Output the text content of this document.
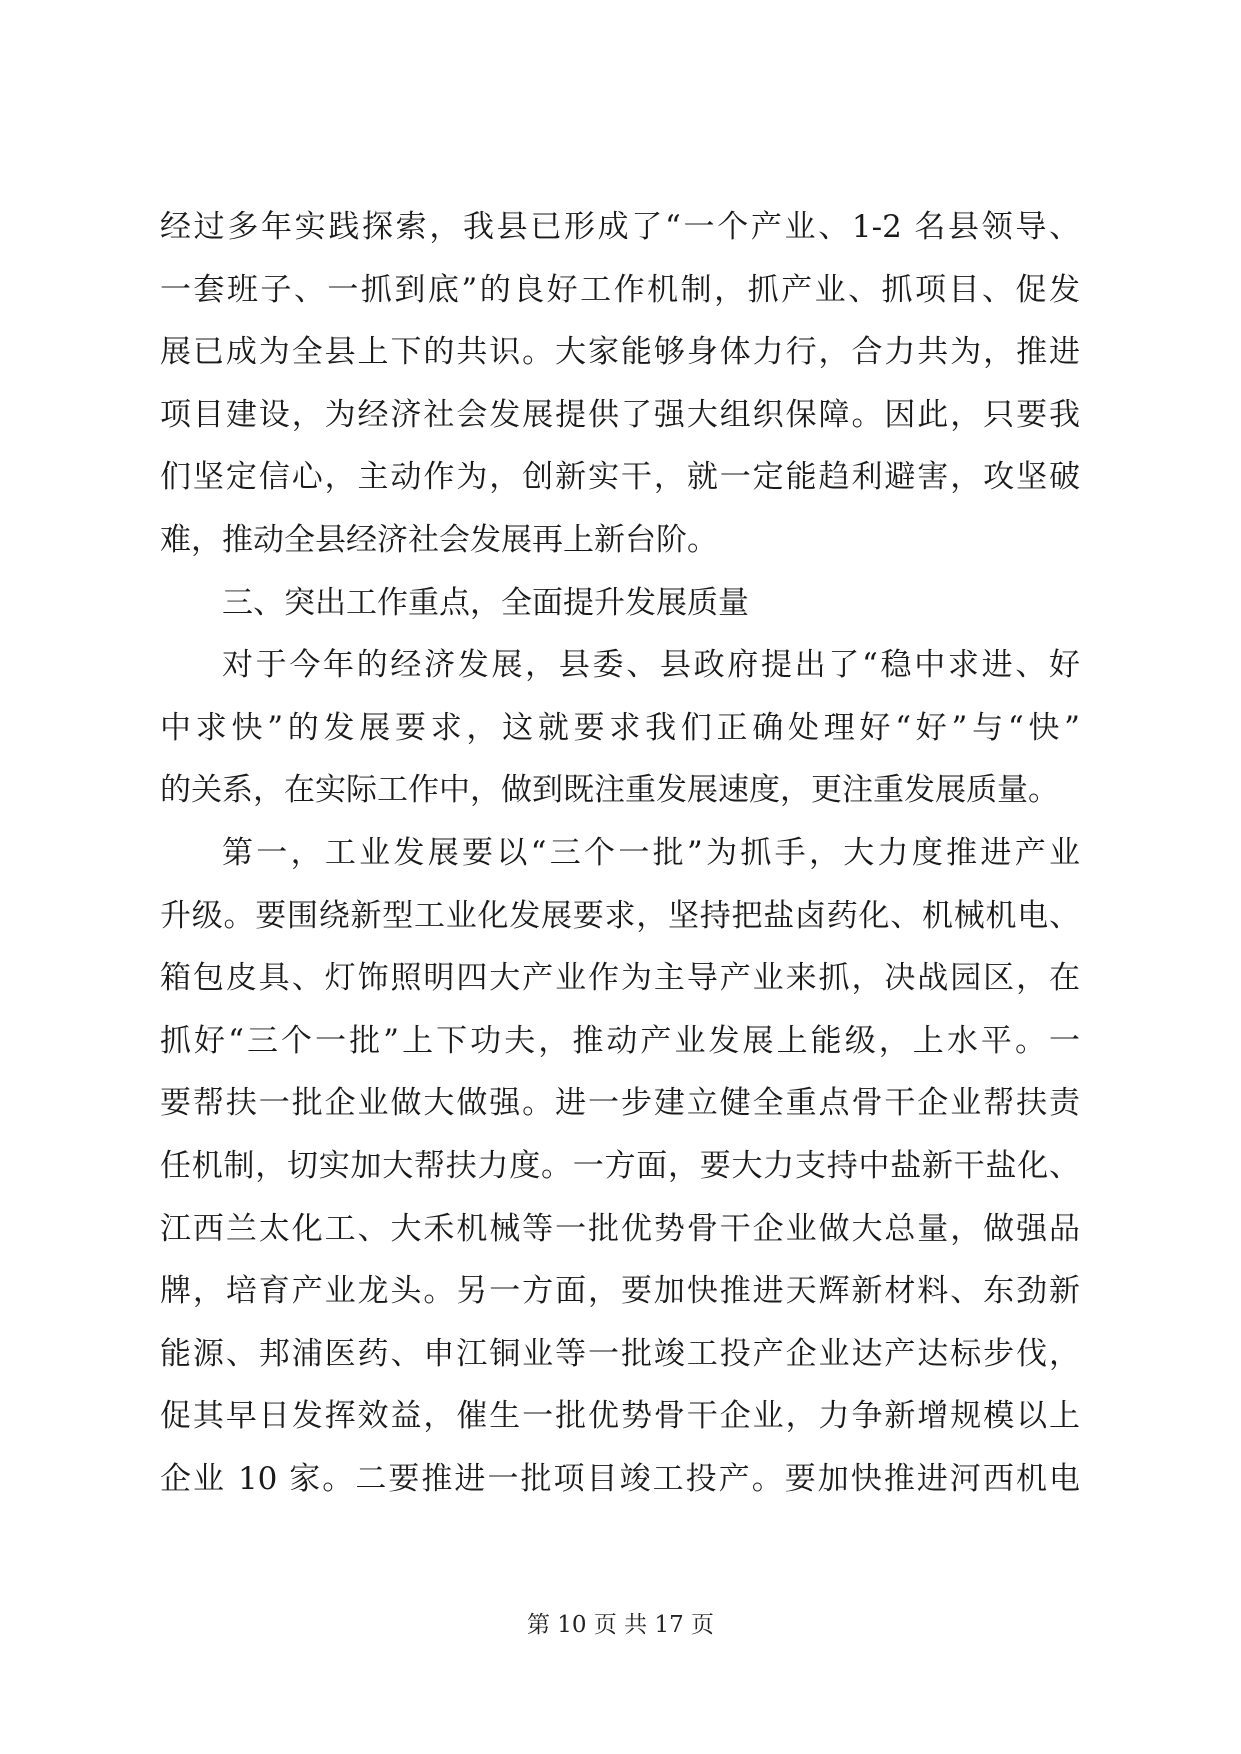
经过多年实践探索，我县已形成了“一个产业、1-2 名县领导、
一套班子、一抓到底”的良好工作机制，抓产业、抓项目、促发
展已成为全县上下的共识。大家能够身体力行，合力共为，推进
项目建设，为经济社会发展提供了强大组织保障。因此，只要我
们坚定信心，主动作为，创新实干，就一定能趋利避害，攻坚破
难，推动全县经济社会发展再上新台阶。
三、突出工作重点，全面提升发展质量
对于今年的经济发展，县委、县政府提出了“稳中求进、好
中求快”的发展要求，这就要求我们正确处理好“好”与“快”
的关系，在实际工作中，做到既注重发展速度，更注重发展质量。
第一，工业发展要以“三个一批”为抓手，大力度推进产业
升级。要围绕新型工业化发展要求，坚持把盐卤药化、机械机电、
箱包皮具、灯饰照明四大产业作为主导产业来抓，决战园区，在
抓好“三个一批”上下功夫，推动产业发展上能级，上水平。一
要帮扶一批企业做大做强。进一步建立健全重点骨干企业帮扶责
任机制，切实加大帮扶力度。一方面，要大力支持中盐新干盐化、
江西兰太化工、大禾机械等一批优势骨干企业做大总量，做强品
牌，培育产业龙头。另一方面，要加快推进天辉新材料、东劲新
能源、邦浦医药、申江铜业等一批竣工投产企业达产达标步伐，
促其早日发挥效益，催生一批优势骨干企业，力争新增规模以上
企业 10 家。二要推进一批项目竣工投产。要加快推进河西机电
第 10 页 共 17 页
